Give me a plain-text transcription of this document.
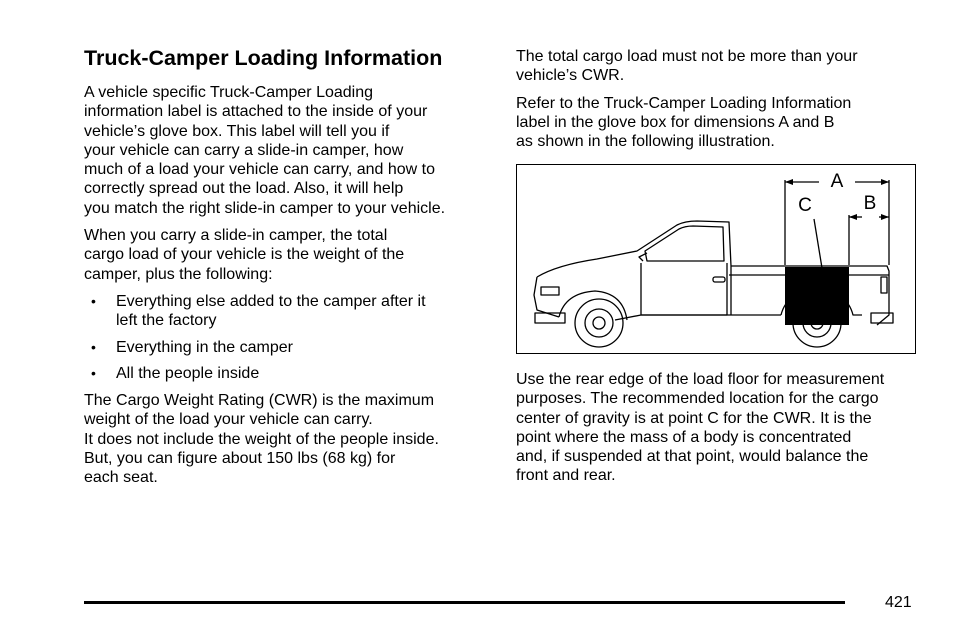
Truck-Camper Loading Information

A vehicle specific Truck-Camper Loading
information label is attached to the inside of your
vehicle’s glove box. This label will tell you if
your vehicle can carry a slide-in camper, how
much of a load your vehicle can carry, and how to
correctly spread out the load. Also, it will help
you match the right slide-in camper to your vehicle.

When you carry a slide-in camper, the total
cargo load of your vehicle is the weight of the
camper, plus the following:

• Everything else added to the camper after it
left the factory
• Everything in the camper
• All the people inside

The Cargo Weight Rating (CWR) is the maximum
weight of the load your vehicle can carry.
It does not include the weight of the people inside.
But, you can figure about 150 lbs (68 kg) for
each seat.

The total cargo load must not be more than your
vehicle’s CWR.

Refer to the Truck-Camper Loading Information
label in the glove box for dimensions A and B
as shown in the following illustration.

A
B
C
Use the rear edge of the load floor for measurement
purposes. The recommended location for the cargo
center of gravity is at point C for the CWR. It is the
point where the mass of a body is concentrated
and, if suspended at that point, would balance the
front and rear.
421
